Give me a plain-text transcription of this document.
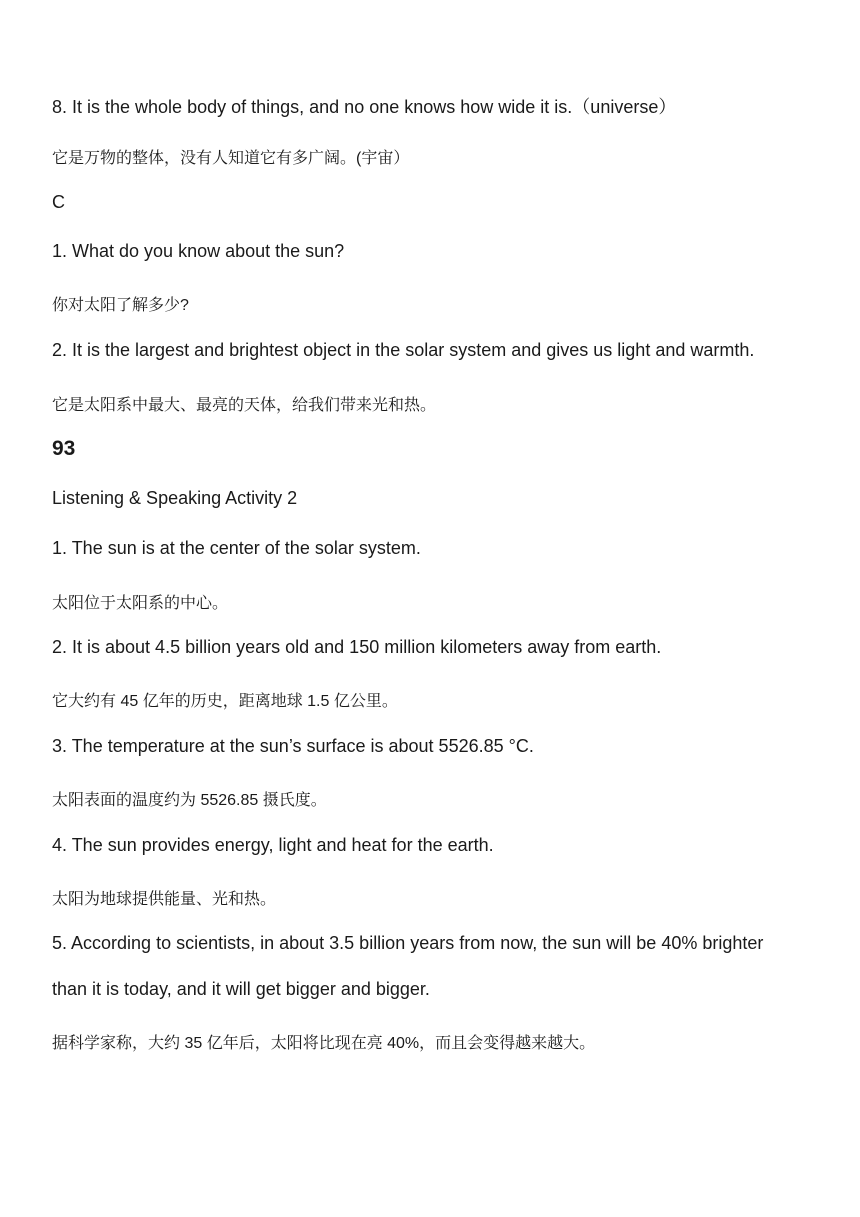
8. It is the whole body of things, and no one knows how wide it is.（universe）
它是万物的整体，没有人知道它有多广阔。(宇宙）
C
1. What do you know about the sun?
你对太阳了解多少?
2. It is the largest and brightest object in the solar system and gives us light and warmth.
它是太阳系中最大、最亮的天体，给我们带来光和热。
93
Listening & Speaking Activity 2
1. The sun is at the center of the solar system.
太阳位于太阳系的中心。
2. It is about 4.5 billion years old and 150 million kilometers away from earth.
它大约有 45 亿年的历史，距离地球 1.5 亿公里。
3. The temperature at the sun’s surface is about 5526.85 °C.
太阳表面的温度约为 5526.85 摄氏度。
4. The sun provides energy, light and heat for the earth.
太阳为地球提供能量、光和热。
5. According to scientists, in about 3.5 billion years from now, the sun will be 40% brighter
than it is today, and it will get bigger and bigger.
据科学家称，大约 35 亿年后，太阳将比现在亮 40%，而且会变得越来越大。
